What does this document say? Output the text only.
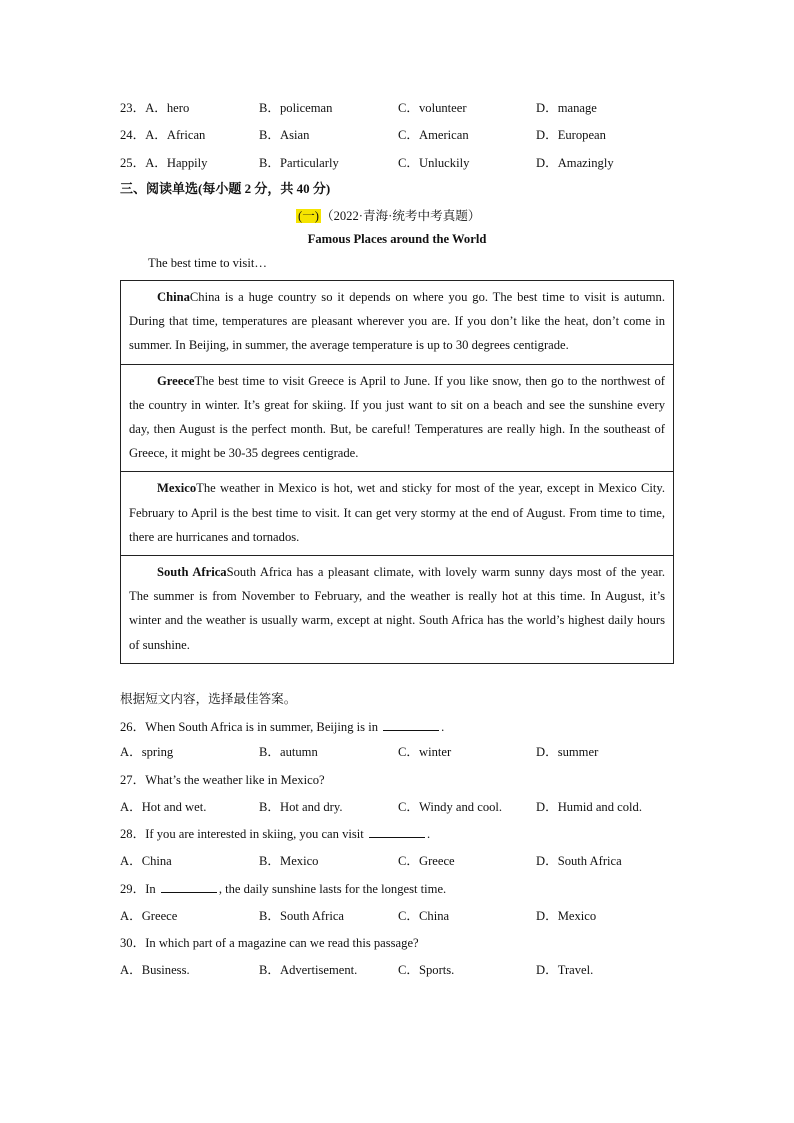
23．A．hero	B．policeman	C．volunteer	D．manage
24．A．African	B．Asian	C．American	D．European
25．A．Happily	B．Particularly	C．Unluckily	D．Amazingly
三、阅读单选(每小题 2 分，共 40 分)
(一) （2022·青海·统考中考真题）
Famous Places around the World
The best time to visit…
ChinaChina is a huge country so it depends on where you go. The best time to visit is autumn. During that time, temperatures are pleasant wherever you are. If you don’t like the heat, don’t come in summer. In Beijing, in summer, the average temperature is up to 30 degrees centigrade.
GreeceThe best time to visit Greece is April to June. If you like snow, then go to the northwest of the country in winter. It’s great for skiing. If you just want to sit on a beach and see the sunshine every day, then August is the perfect month. But, be careful! Temperatures are really high. In the southeast of Greece, it might be 30-35 degrees centigrade.
MexicoThe weather in Mexico is hot, wet and sticky for most of the year, except in Mexico City. February to April is the best time to visit. It can get very stormy at the end of August. From time to time, there are hurricanes and tornados.
South AfricaSouth Africa has a pleasant climate, with lovely warm sunny days most of the year. The summer is from November to February, and the weather is really hot at this time. In August, it’s winter and the weather is usually warm, except at night. South Africa has the world’s highest daily hours of sunshine.
根据短文内容，选择最佳答案。
26．When South Africa is in summer, Beijing is in	.
A．spring	B．autumn	C．winter	D．summer
27．What’s the weather like in Mexico?
A．Hot and wet.	B．Hot and dry.	C．Windy and cool.	D．Humid and cold.
28．If you are interested in skiing, you can visit	.
A．China	B．Mexico	C．Greece	D．South Africa
29．In	, the daily sunshine lasts for the longest time.
A．Greece	B．South Africa	C．China	D．Mexico
30．In which part of a magazine can we read this passage?
A．Business.	B．Advertisement.	C．Sports.	D．Travel.
